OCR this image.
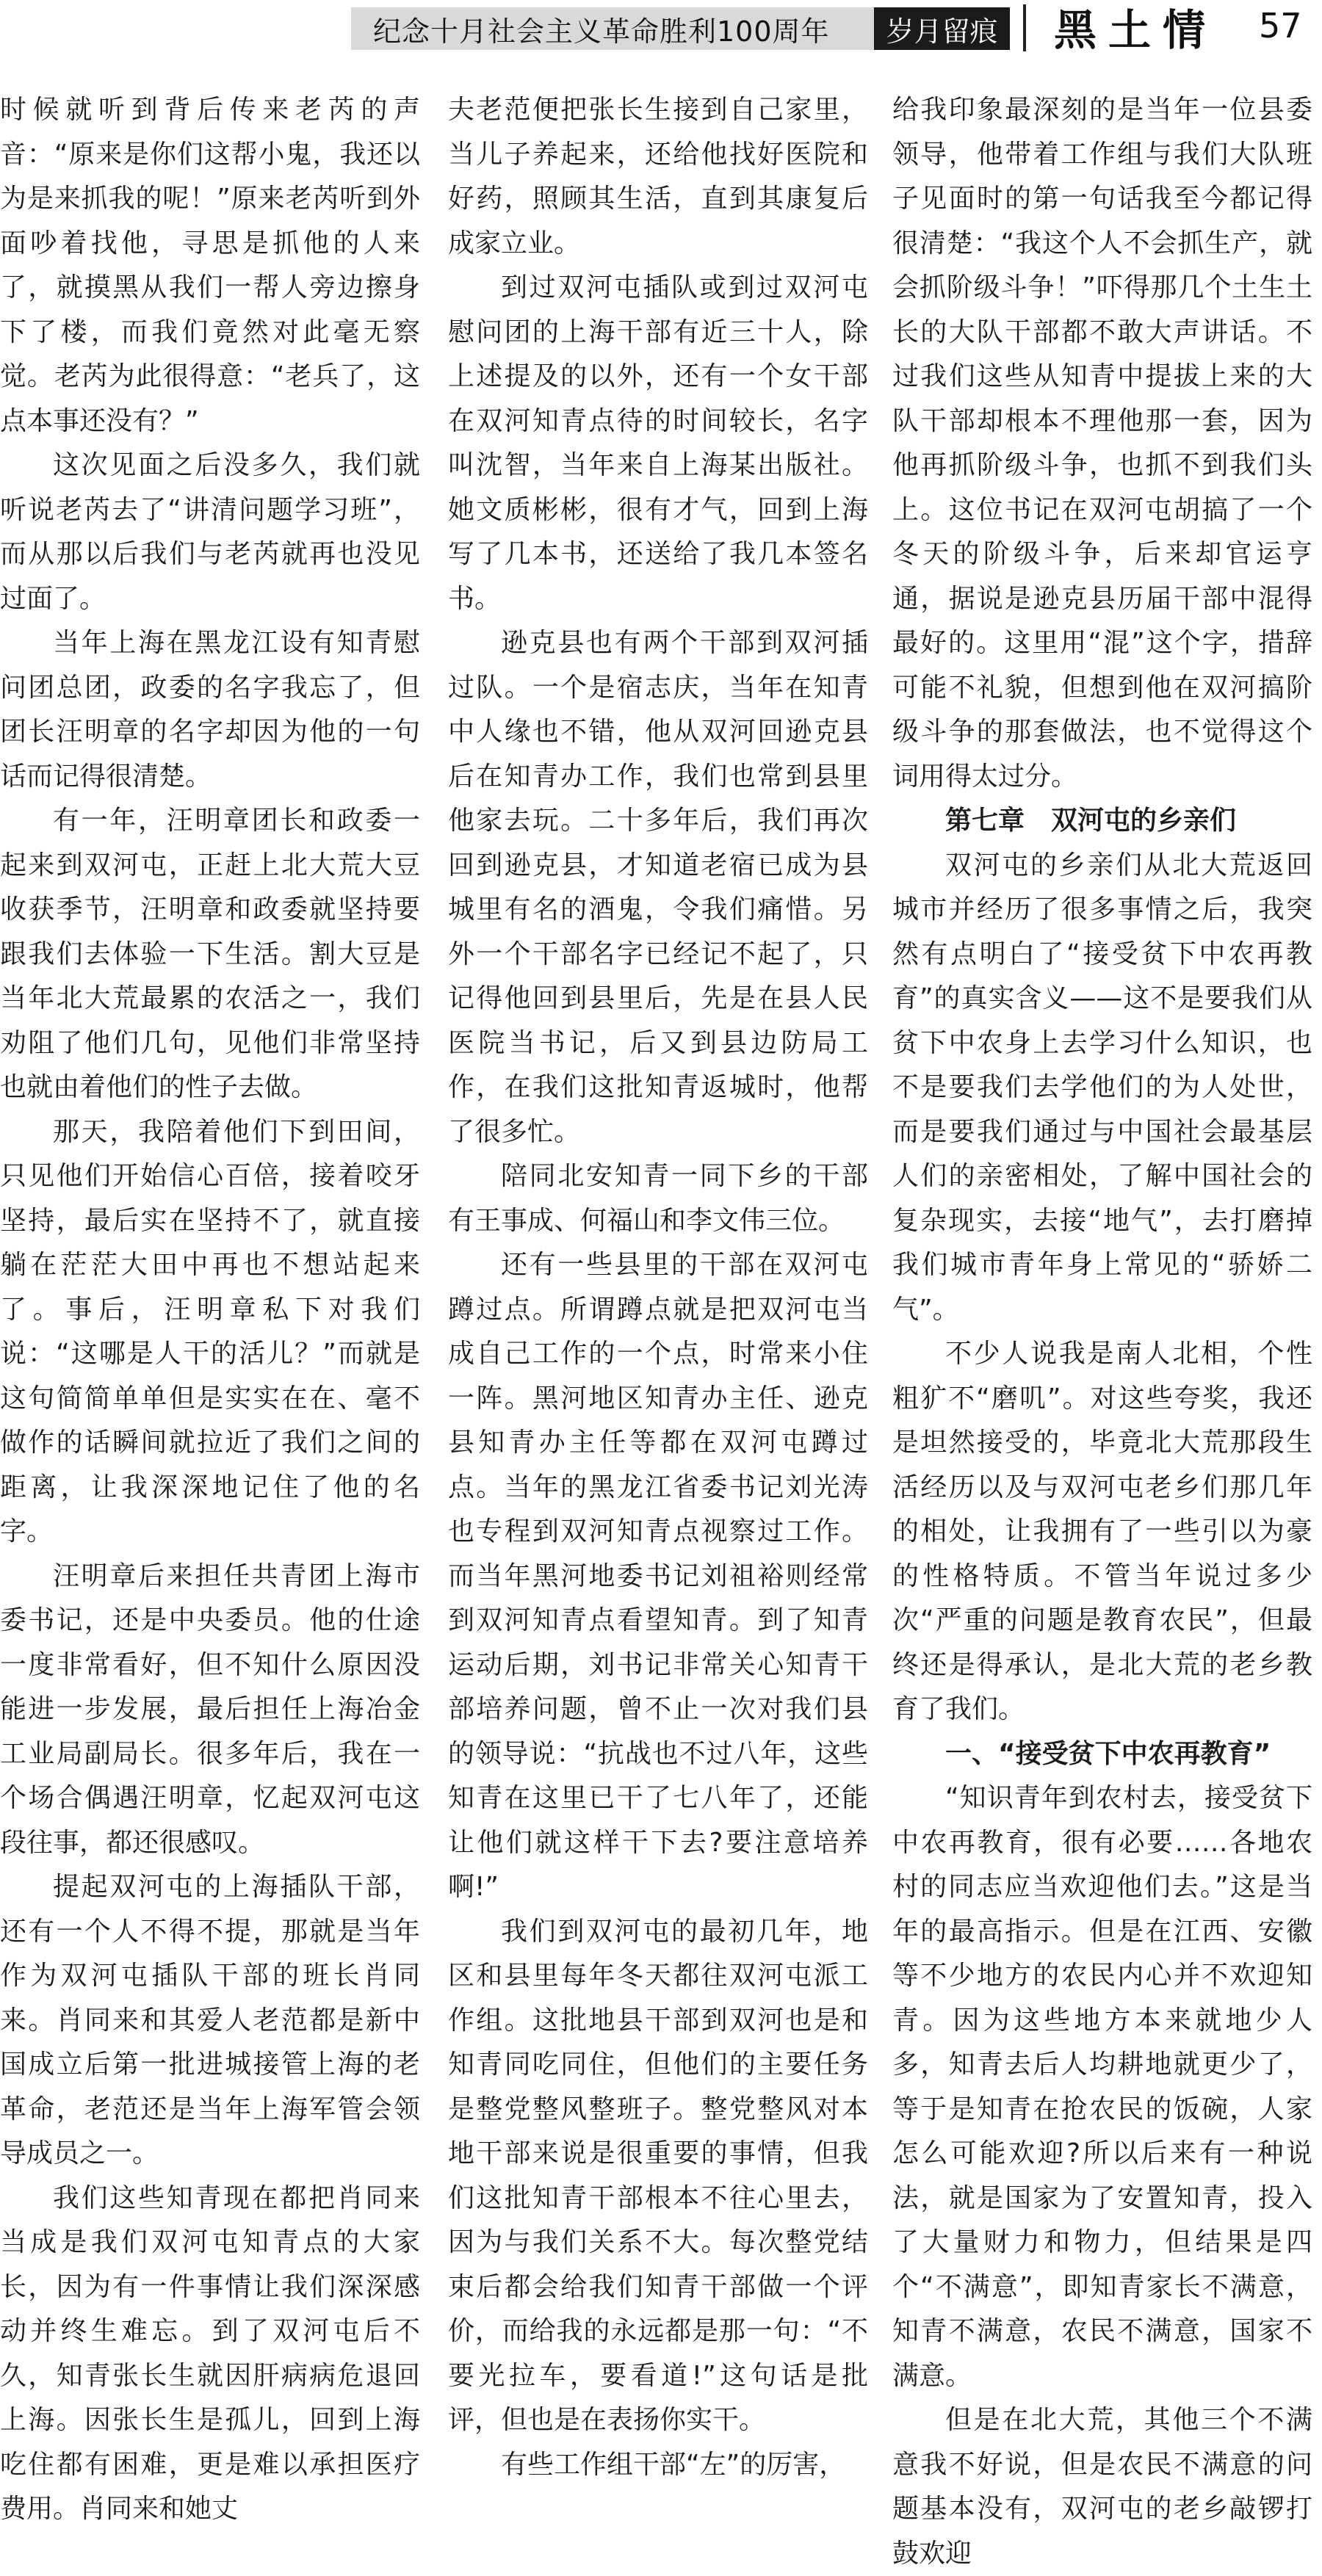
纪念十月社会主义革命胜利100周年	岁月留痕 黑土情 57

时候就听到背后传来老芮的声音：“原来是你们这帮小鬼，我还以为是来抓我的呢！”原来老芮听到外面吵着找他，寻思是抓他的人来了，就摸黑从我们一帮人旁边擦身下了楼，而我们竟然对此毫无察觉。老芮为此很得意：“老兵了，这点本事还没有？”

这次见面之后没多久，我们就听说老芮去了“讲清问题学习班”，而从那以后我们与老芮就再也没见过面了。

当年上海在黑龙江设有知青慰问团总团，政委的名字我忘了，但团长汪明章的名字却因为他的一句话而记得很清楚。

有一年，汪明章团长和政委一起来到双河屯，正赶上北大荒大豆收获季节，汪明章和政委就坚持要跟我们去体验一下生活。割大豆是当年北大荒最累的农活之一，我们劝阻了他们几句，见他们非常坚持也就由着他们的性子去做。

那天，我陪着他们下到田间，只见他们开始信心百倍，接着咬牙坚持，最后实在坚持不了，就直接躺在茫茫大田中再也不想站起来了。事后，汪明章私下对我们说：“这哪是人干的活儿？”而就是这句简简单单但是实实在在、毫不做作的话瞬间就拉近了我们之间的距离，让我深深地记住了他的名字。

汪明章后来担任共青团上海市委书记，还是中央委员。他的仕途一度非常看好，但不知什么原因没能进一步发展，最后担任上海冶金工业局副局长。很多年后，我在一个场合偶遇汪明章，忆起双河屯这段往事，都还很感叹。

提起双河屯的上海插队干部，还有一个人不得不提，那就是当年作为双河屯插队干部的班长肖同来。肖同来和其爱人老范都是新中国成立后第一批进城接管上海的老革命，老范还是当年上海军管会领导成员之一。

我们这些知青现在都把肖同来当成是我们双河屯知青点的大家长，因为有一件事情让我们深深感动并终生难忘。到了双河屯后不久，知青张长生就因肝病病危退回上海。因张长生是孤儿，回到上海吃住都有困难，更是难以承担医疗费用。肖同来和她丈

夫老范便把张长生接到自己家里，当儿子养起来，还给他找好医院和好药，照顾其生活，直到其康复后成家立业。

到过双河屯插队或到过双河屯慰问团的上海干部有近三十人，除上述提及的以外，还有一个女干部在双河知青点待的时间较长，名字叫沈智，当年来自上海某出版社。她文质彬彬，很有才气，回到上海写了几本书，还送给了我几本签名书。

逊克县也有两个干部到双河插过队。一个是宿志庆，当年在知青中人缘也不错，他从双河回逊克县后在知青办工作，我们也常到县里他家去玩。二十多年后，我们再次回到逊克县，才知道老宿已成为县城里有名的酒鬼，令我们痛惜。另外一个干部名字已经记不起了，只记得他回到县里后，先是在县人民医院当书记，后又到县边防局工作，在我们这批知青返城时，他帮了很多忙。

陪同北安知青一同下乡的干部有王事成、何福山和李文伟三位。

还有一些县里的干部在双河屯蹲过点。所谓蹲点就是把双河屯当成自己工作的一个点，时常来小住一阵。黑河地区知青办主任、逊克县知青办主任等都在双河屯蹲过点。当年的黑龙江省委书记刘光涛也专程到双河知青点视察过工作。而当年黑河地委书记刘祖裕则经常到双河知青点看望知青。到了知青运动后期，刘书记非常关心知青干部培养问题，曾不止一次对我们县的领导说：“抗战也不过八年，这些知青在这里已干了七八年了，还能让他们就这样干下去?要注意培养啊!”

我们到双河屯的最初几年，地区和县里每年冬天都往双河屯派工作组。这批地县干部到双河也是和知青同吃同住，但他们的主要任务是整党整风整班子。整党整风对本地干部来说是很重要的事情，但我们这批知青干部根本不往心里去，因为与我们关系不大。每次整党结束后都会给我们知青干部做一个评价，而给我的永远都是那一句：“不要光拉车，要看道!”这句话是批评，但也是在表扬你实干。

有些工作组干部“左”的厉害，

给我印象最深刻的是当年一位县委领导，他带着工作组与我们大队班子见面时的第一句话我至今都记得很清楚：“我这个人不会抓生产，就会抓阶级斗争！”吓得那几个土生土长的大队干部都不敢大声讲话。不过我们这些从知青中提拔上来的大队干部却根本不理他那一套，因为他再抓阶级斗争，也抓不到我们头上。这位书记在双河屯胡搞了一个冬天的阶级斗争，后来却官运亨通，据说是逊克县历届干部中混得最好的。这里用“混”这个字，措辞可能不礼貌，但想到他在双河搞阶级斗争的那套做法，也不觉得这个词用得太过分。

第七章　双河屯的乡亲们

双河屯的乡亲们从北大荒返回城市并经历了很多事情之后，我突然有点明白了“接受贫下中农再教育”的真实含义——这不是要我们从贫下中农身上去学习什么知识，也不是要我们去学他们的为人处世，而是要我们通过与中国社会最基层人们的亲密相处，了解中国社会的复杂现实，去接“地气”，去打磨掉我们城市青年身上常见的“骄娇二气”。

不少人说我是南人北相，个性粗犷不“磨叽”。对这些夸奖，我还是坦然接受的，毕竟北大荒那段生活经历以及与双河屯老乡们那几年的相处，让我拥有了一些引以为豪的性格特质。不管当年说过多少次“严重的问题是教育农民”，但最终还是得承认，是北大荒的老乡教育了我们。

一、“接受贫下中农再教育”

“知识青年到农村去，接受贫下中农再教育，很有必要……各地农村的同志应当欢迎他们去。”这是当年的最高指示。但是在江西、安徽等不少地方的农民内心并不欢迎知青。因为这些地方本来就地少人多，知青去后人均耕地就更少了，等于是知青在抢农民的饭碗，人家怎么可能欢迎?所以后来有一种说法，就是国家为了安置知青，投入了大量财力和物力，但结果是四个“不满意”，即知青家长不满意，知青不满意，农民不满意，国家不满意。

但是在北大荒，其他三个不满意我不好说，但是农民不满意的问题基本没有，双河屯的老乡敲锣打鼓欢迎
